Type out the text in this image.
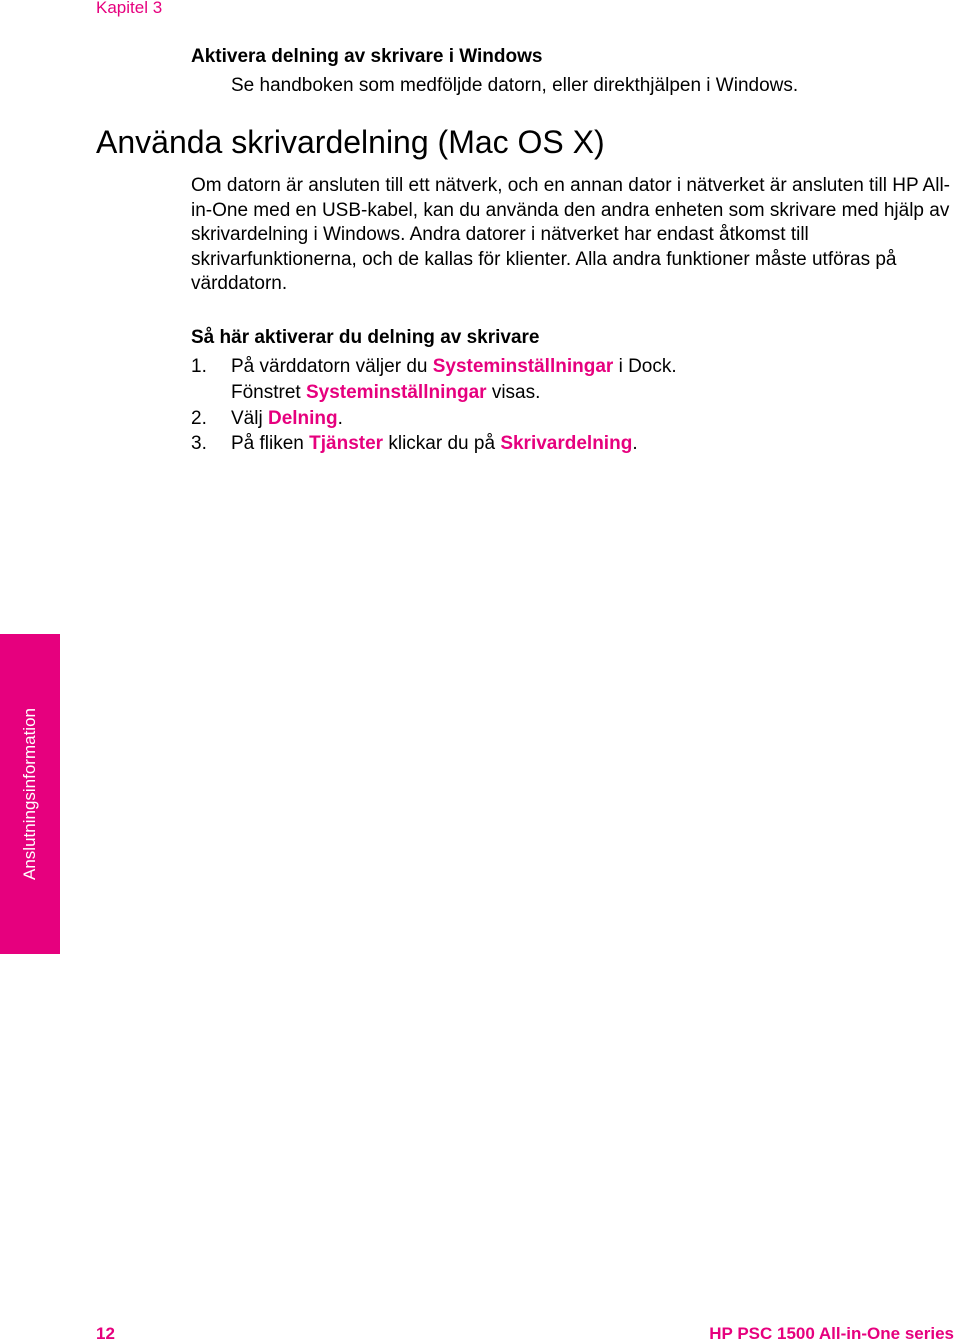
Kapitel 3
Aktivera delning av skrivare i Windows
Se handboken som medföljde datorn, eller direkthjälpen i Windows.
Använda skrivardelning (Mac OS X)

Om datorn är ansluten till ett nätverk, och en annan dator i nätverket är ansluten till HP All-in-One med en USB-kabel, kan du använda den andra enheten som skrivare med hjälp av skrivardelning i Windows. Andra datorer i nätverket har endast åtkomst till skrivarfunktionerna, och de kallas för klienter. Alla andra funktioner måste utföras på värddatorn.

Så här aktiverar du delning av skrivare
1. På värddatorn väljer du Systeminställningar i Dock.
Fönstret Systeminställningar visas.
2. Välj Delning.
3. På fliken Tjänster klickar du på Skrivardelning.
Anslutningsinformation
12	HP PSC 1500 All-in-One series
